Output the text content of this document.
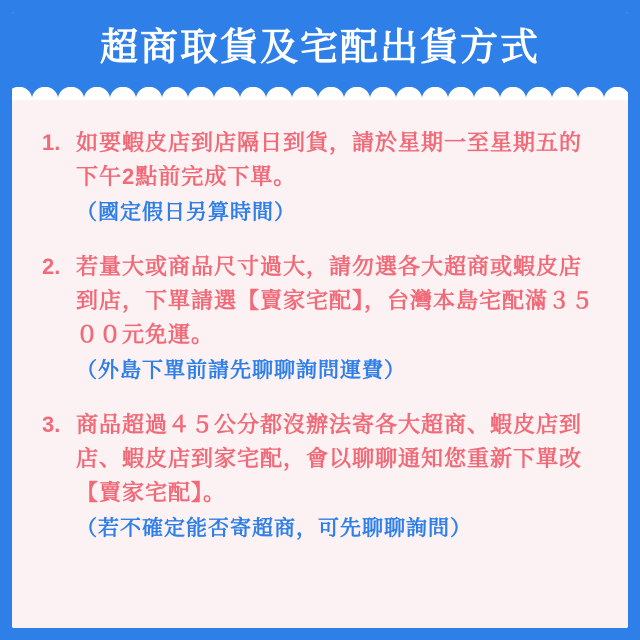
超商取貨及宅配出貨方式
1. 如要蝦皮店到店隔日到貨，請於星期一至星期五的下午2點前完成下單。
（國定假日另算時間）
2. 若量大或商品尺寸過大，請勿選各大超商或蝦皮店到店，下單請選【賣家宅配】，台灣本島宅配滿３５００元免運。
（外島下單前請先聊聊詢問運費）
3. 商品超過４５公分都沒辦法寄各大超商、蝦皮店到店、蝦皮店到家宅配，會以聊聊通知您重新下單改【賣家宅配】。
（若不確定能否寄超商，可先聊聊詢問）
